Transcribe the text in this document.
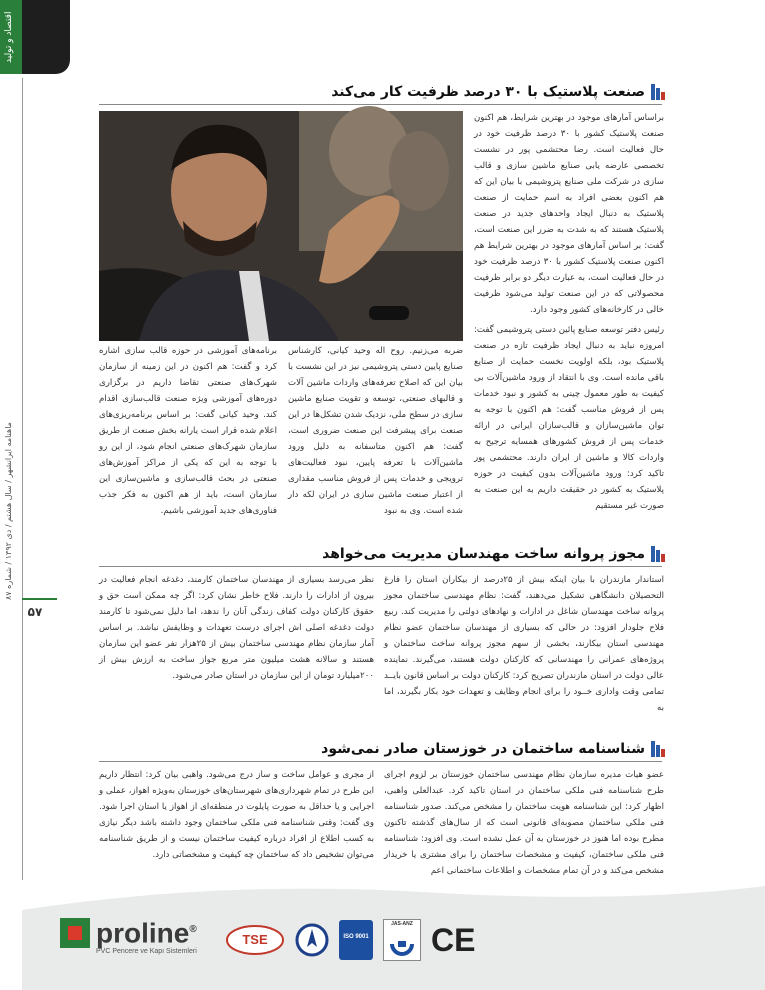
اقتصاد و تولید
ماهنامه ایرانشهر / سال هشتم / دی ۱۳۹۲ / شماره ۸۷
۵۷
صنعت پلاستیک با ۳۰ درصد ظرفیت کار می‌کند
براساس آمارهای موجود در بهترین شرایط، هم اکنون صنعت پلاستیک کشور با ۳۰ درصد ظرفیت خود در حال فعالیت است. رضا محتشمی پور در نشست تخصصی عارضه یابی صنایع ماشین سازی و قالب سازی در شرکت ملی صنایع پتروشیمی با بیان این که هم اکنون بعضی افراد به اسم حمایت از صنعت پلاستیک به دنبال ایجاد واحدهای جدید در صنعت پلاستیک هستند که به شدت به ضرر این صنعت است، گفت: بر اساس آمارهای موجود در بهترین شرایط هم اکنون صنعت پلاستیک کشور با ۳۰ درصد ظرفیت خود در حال فعالیت است، به عبارت دیگر دو برابر ظرفیت محصولاتی که در این صنعت تولید می‌شود ظرفیت خالی در کارخانه‌های کشور وجود دارد.
رئیس دفتر توسعه صنایع پائین دستی پتروشیمی گفت: امروزه نباید به دنبال ایجاد ظرفیت تازه در صنعت پلاستیک بود، بلکه اولویت نخست حمایت از صنایع باقی مانده است. وی با انتقاد از ورود ماشین‌آلات بی کیفیت به طور معمول چینی به کشور و نبود خدمات پس از فروش مناسب گفت: هم اکنون با توجه به توان ماشین‌سازان و قالب‌سازان ایرانی در ارائه خدمات پس از فروش کشورهای همسایه ترجیح به واردات کالا و ماشین از ایران دارند. محتشمی پور تاکید کرد: ورود ماشین‌آلات بدون کیفیت در حوزه پلاستیک به کشور در حقیقت داریم به این صنعت به صورت غیر مستقیم
ضربه می‌زنیم. روح اله وحید کیانی، کارشناس صنایع پایین دستی پتروشیمی نیز در این نشست با بیان این که اصلاح تعرفه‌های واردات ماشین آلات و قالبهای صنعتی، توسعه و تقویت صنایع ماشین سازی در سطح ملی، نزدیک شدن تشکل‌ها در این صنعت برای پیشرفت این صنعت ضروری است، گفت: هم اکنون متاسفانه به دلیل ورود ماشین‌آلات با تعرفه پایین، نبود فعالیت‌های ترویجی و خدمات پس از فروش مناسب مقداری از اعتبار صنعت ماشین سازی در ایران لکه دار شده است. وی به نبود
برنامه‌های آموزشی در حوزه قالب سازی اشاره کرد و گفت: هم اکنون در این زمینه از سازمان شهرک‌های صنعتی تقاضا داریم در برگزاری دوره‌های آموزشی ویژه صنعت قالب‌سازی اقدام کند. وحید کیانی گفت: بر اساس برنامه‌ریزی‌های اعلام شده قرار است یارانه بخش صنعت از طریق سازمان شهرک‌های صنعتی انجام شود، از این رو با توجه به این که یکی از مراکز آموزش‌های صنعتی در بحث قالب‌سازی و ماشین‌سازی این سازمان است، باید از هم اکنون به فکر جذب فناوری‌های جدید آموزشی باشیم.
مجوز پروانه ساخت مهندسان مدیریت می‌خواهد
استاندار مازندران با بیان اینکه بیش از ۲۵درصد از بیکاران استان را فارغ التحصیلان دانشگاهی تشکیل می‌دهند، گفت: نظام مهندسی ساختمان مجوز پروانه ساخت مهندسان شاغل در ادارات و نهادهای دولتی را مدیریت کند. ربیع فلاح جلودار افزود: در حالی که بسیاری از مهندسان ساختمان عضو نظام مهندسی استان بیکارند، بخشی از سهم مجوز پروانه ساخت ساختمان و پروژه‌های عمرانی را مهندسانی که کارکنان دولت هستند، می‌گیرند. نماینده عالی دولت در استان مازندران تصریح کرد: کارکنان دولت بر اساس قانون بایــد تمامی وقت واداری خــود را برای انجام وظایف و تعهدات خود بکار بگیرند، اما به
نظر می‌رسد بسیاری از مهندسان ساختمان کارمند، دغدغه انجام فعالیت در بیرون از ادارات را دارند. فلاح خاطر نشان کرد: اگر چه ممکن است حق و حقوق کارکنان دولت کفاف زندگی آنان را ندهد، اما دلیل نمی‌شود تا کارمند دولت دغدغه اصلی اش اجرای درست تعهدات و وظایفش نباشد. بر اساس آمار سازمان نظام مهندسی ساختمان بیش از ۲۵هزار نفر عضو این سازمان هستند و سالانه هشت میلیون متر مربع جواز ساخت به ارزش بیش از ۲۰۰میلیارد تومان از این سازمان در استان صادر می‌شود.
شناسنامه ساختمان در خوزستان صادر نمی‌شود
عضو هیات مدیره سازمان نظام مهندسی ساختمان خوزستان بر لزوم اجرای طرح شناسنامه فنی ملکی ساختمان در استان تاکید کرد. عبدالعلی واهبی، اظهار کرد: این شناسنامه هویت ساختمان را مشخص می‌کند. صدور شناسنامه فنی ملکی ساختمان مصوبه‌ای قانونی است که از سال‌های گذشته تاکنون مطرح بوده اما هنوز در خوزستان به آن عمل نشده است. وی افزود: شناسنامه فنی ملکی ساختمان، کیفیت و مشخصات ساختمان را برای مشتری یا خریدار مشخص می‌کند و در آن تمام مشخصات و اطلاعات ساختمانی اعم
از مجری و عوامل ساخت و ساز درج می‌شود. واهبی بیان کرد: انتظار داریم این طرح در تمام شهرداری‌های شهرستان‌های خوزستان به‌ویژه اهواز، عملی و اجرایی و یا حداقل به صورت پایلوت در منطقه‌ای از اهواز یا استان اجرا شود. وی گفت: وقتی شناسنامه فنی ملکی ساختمان وجود داشته باشد دیگر نیازی به کسب اطلاع از افراد درباره کیفیت ساختمان نیست و از طریق شناسنامه می‌توان تشخیص داد که ساختمان چه کیفیت و مشخصاتی دارد.
proline®
PVC Pencere ve Kapı Sistemleri
TSE	ISO 9001
JAS-ANZ CE
